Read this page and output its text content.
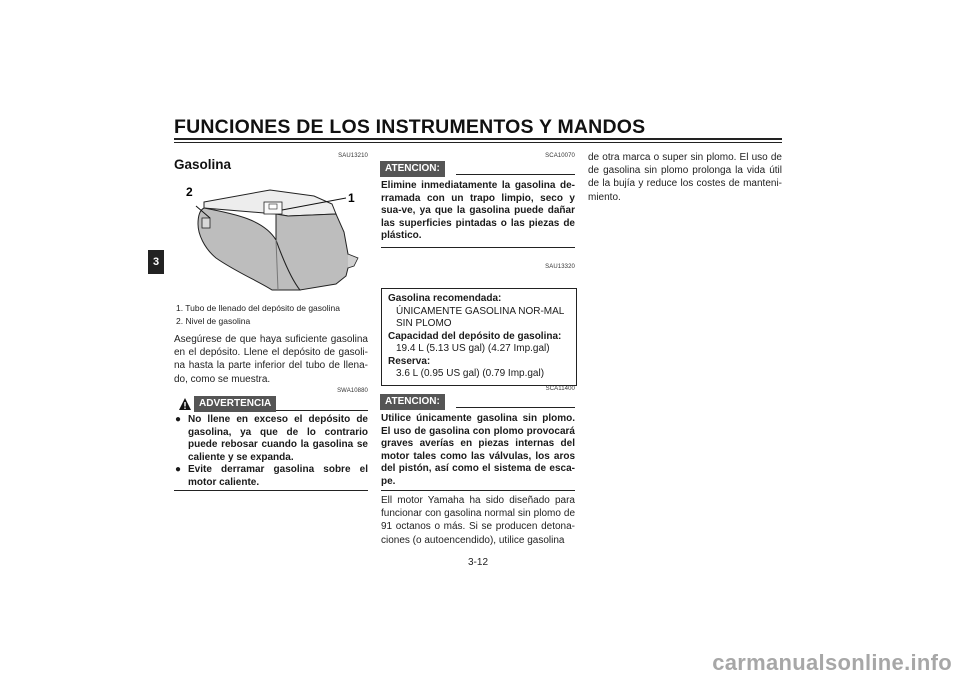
FUNCIONES DE LOS INSTRUMENTOS Y MANDOS
3
SAU13210
Gasolina
2	1
1. Tubo de llenado del depósito de gasolina
2. Nivel de gasolina
Asegúrese de que haya suficiente gasolina en el depósito. Llene el depósito de gasoli-na hasta la parte inferior del tubo de llena-do, como se muestra.
SWA10880
ADVERTENCIA
● No llene en exceso el depósito de gasolina, ya que de lo contrario puede rebosar cuando la gasolina se caliente y se expanda.
● Evite derramar gasolina sobre el motor caliente.
SCA10070
ATENCION:
Elimine inmediatamente la gasolina de-rramada con un trapo limpio, seco y sua-ve, ya que la gasolina puede dañar las superficies pintadas o las piezas de plástico.
SAU13320
Gasolina recomendada:
ÚNICAMENTE GASOLINA NOR-MAL SIN PLOMO
Capacidad del depósito de gasolina:
19.4 L (5.13 US gal) (4.27 Imp.gal)
Reserva:
3.6 L (0.95 US gal) (0.79 Imp.gal)
SCA11400
ATENCION:
Utilice únicamente gasolina sin plomo. El uso de gasolina con plomo provocará graves averías en piezas internas del motor tales como las válvulas, los aros del pistón, así como el sistema de esca-pe.
Ell motor Yamaha ha sido diseñado para funcionar con gasolina normal sin plomo de 91 octanos o más. Si se producen detona-ciones (o autoencendido), utilice gasolina
de otra marca o super sin plomo. El uso de de gasolina sin plomo prolonga la vida útil de la bujía y reduce los costes de manteni-miento.
3-12
carmanualsonline.info
